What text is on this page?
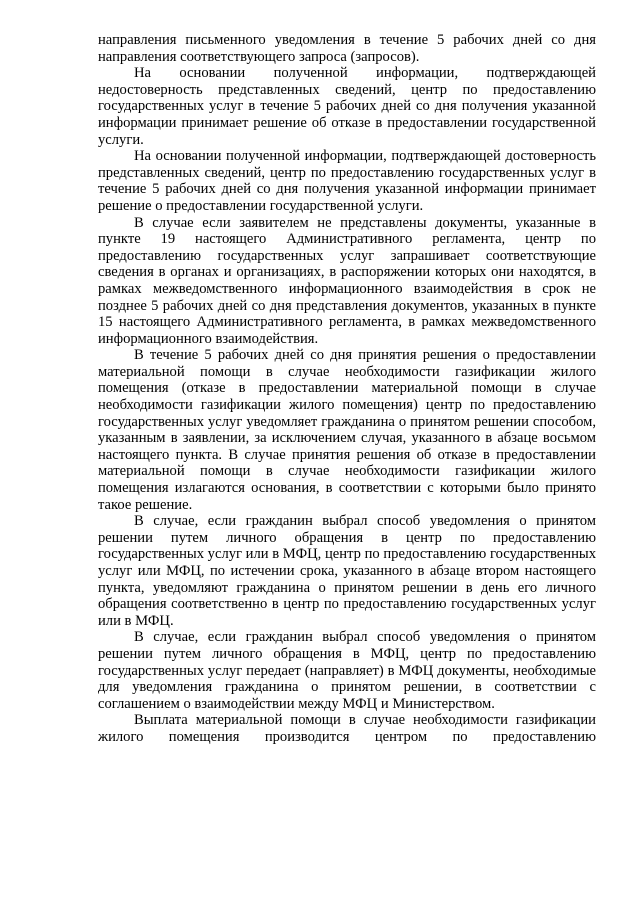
направления письменного уведомления в течение 5 рабочих дней со дня направления соответствующего запроса (запросов).

На основании полученной информации, подтверждающей недостоверность представленных сведений, центр по предоставлению государственных услуг в течение 5 рабочих дней со дня получения указанной информации принимает решение об отказе в предоставлении государственной услуги.

На основании полученной информации, подтверждающей достоверность представленных сведений, центр по предоставлению государственных услуг в течение 5 рабочих дней со дня получения указанной информации принимает решение о предоставлении государственной услуги.

В случае если заявителем не представлены документы, указанные в пункте 19 настоящего Административного регламента, центр по предоставлению государственных услуг запрашивает соответствующие сведения в органах и организациях, в распоряжении которых они находятся, в рамках межведомственного информационного взаимодействия в срок не позднее 5 рабочих дней со дня представления документов, указанных в пункте 15 настоящего Административного регламента, в рамках межведомственного информационного взаимодействия.

В течение 5 рабочих дней со дня принятия решения о предоставлении материальной помощи в случае необходимости газификации жилого помещения (отказе в предоставлении материальной помощи в случае необходимости газификации жилого помещения) центр по предоставлению государственных услуг уведомляет гражданина о принятом решении способом, указанным в заявлении, за исключением случая, указанного в абзаце восьмом настоящего пункта. В случае принятия решения об отказе в предоставлении материальной помощи в случае необходимости газификации жилого помещения излагаются основания, в соответствии с которыми было принято такое решение.

В случае, если гражданин выбрал способ уведомления о принятом решении путем личного обращения в центр по предоставлению государственных услуг или в МФЦ, центр по предоставлению государственных услуг или МФЦ, по истечении срока, указанного в абзаце втором настоящего пункта, уведомляют гражданина о принятом решении в день его личного обращения соответственно в центр по предоставлению государственных услуг или в МФЦ.

В случае, если гражданин выбрал способ уведомления о принятом решении путем личного обращения в МФЦ, центр по предоставлению государственных услуг передает (направляет) в МФЦ документы, необходимые для уведомления гражданина о принятом решении, в соответствии с соглашением о взаимодействии между МФЦ и Министерством.

Выплата материальной помощи в случае необходимости газификации жилого помещения производится центром по предоставлению
